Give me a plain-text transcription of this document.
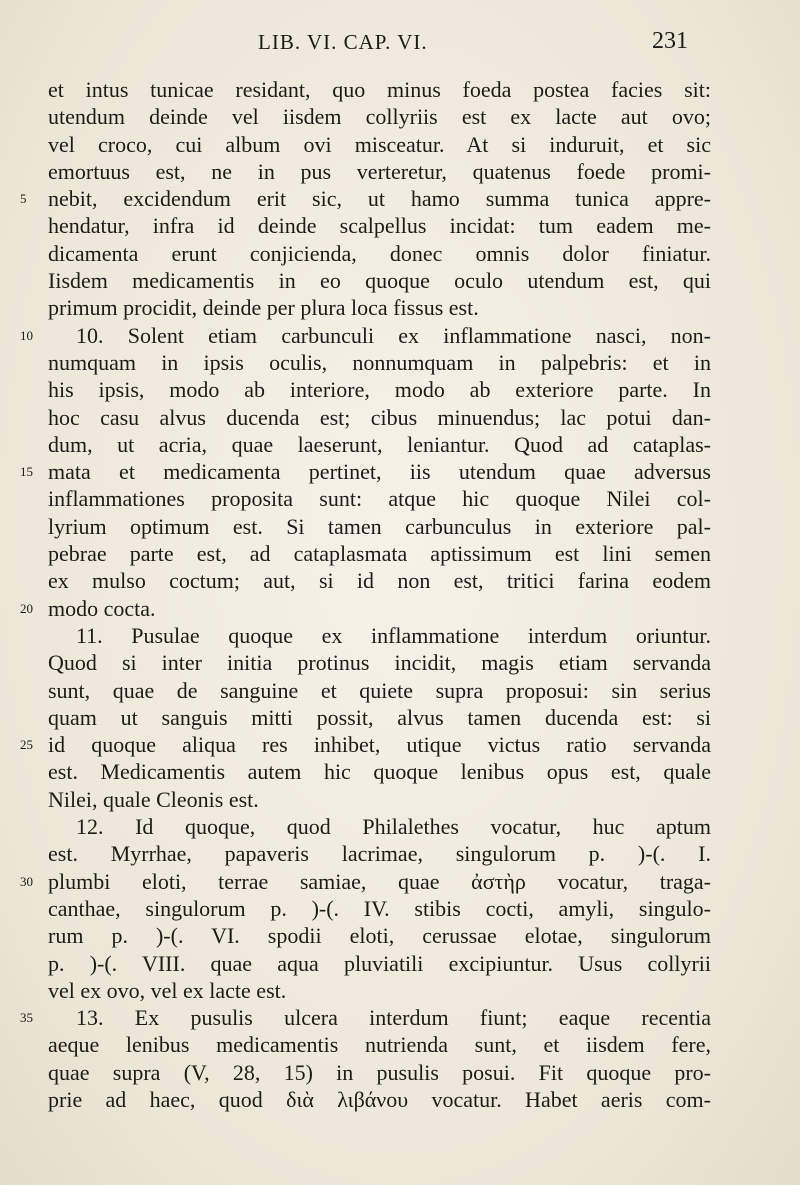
LIB. VI. CAP. VI.	231
et intus tunicae residant, quo minus foeda postea facies sit:
utendum deinde vel iisdem collyriis est ex lacte aut ovo;
vel croco, cui album ovi misceatur. At si induruit, et sic
emortuus est, ne in pus verteretur, quatenus foede promi-
5 nebit, excidendum erit sic, ut hamo summa tunica appre-
hendatur, infra id deinde scalpellus incidat: tum eadem me-
dicamenta erunt conjicienda, donec omnis dolor finiatur.
Iisdem medicamentis in eo quoque oculo utendum est, qui
primum procidit, deinde per plura loca fissus est.
10 10. Solent etiam carbunculi ex inflammatione nasci, non-
numquam in ipsis oculis, nonnumquam in palpebris: et in
his ipsis, modo ab interiore, modo ab exteriore parte. In
hoc casu alvus ducenda est; cibus minuendus; lac potui dan-
dum, ut acria, quae laeserunt, leniantur. Quod ad cataplas-
15 mata et medicamenta pertinet, iis utendum quae adversus
inflammationes proposita sunt: atque hic quoque Nilei col-
lyrium optimum est. Si tamen carbunculus in exteriore pal-
pebrae parte est, ad cataplasmata aptissimum est lini semen
ex mulso coctum; aut, si id non est, tritici farina eodem
20 modo cocta.
11. Pusulae quoque ex inflammatione interdum oriuntur.
Quod si inter initia protinus incidit, magis etiam servanda
sunt, quae de sanguine et quiete supra proposui: sin serius
quam ut sanguis mitti possit, alvus tamen ducenda est: si
25 id quoque aliqua res inhibet, utique victus ratio servanda
est. Medicamentis autem hic quoque lenibus opus est, quale
Nilei, quale Cleonis est.
12. Id quoque, quod Philalethes vocatur, huc aptum
est. Myrrhae, papaveris lacrimae, singulorum p. )-(. I.
30 plumbi eloti, terrae samiae, quae ἀστὴρ vocatur, traga-
canthae, singulorum p. )-(. IV. stibis cocti, amyli, singulo-
rum p. )-(. VI. spodii eloti, cerussae elotae, singulorum
p. )-(. VIII. quae aqua pluviatili excipiuntur. Usus collyrii
vel ex ovo, vel ex lacte est.
35 13. Ex pusulis ulcera interdum fiunt; eaque recentia
aeque lenibus medicamentis nutrienda sunt, et iisdem fere,
quae supra (V, 28, 15) in pusulis posui. Fit quoque pro-
prie ad haec, quod διὰ λιβάνου vocatur. Habet aeris com-
